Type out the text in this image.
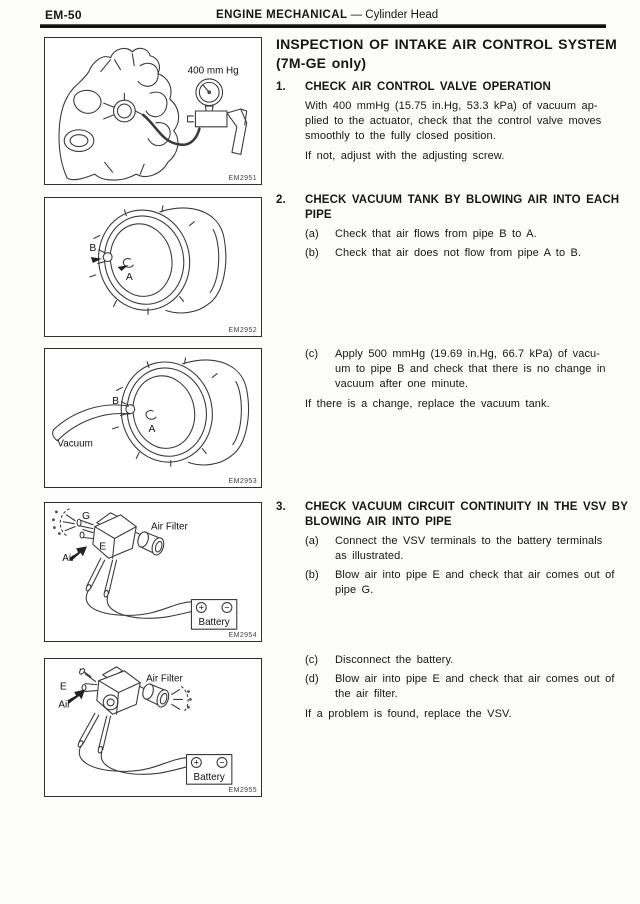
EM-50	ENGINE MECHANICAL — Cylinder Head
400 mm Hg
EM2951
B
A
EM2952
B
A
Vacuum
EM2953
+ −
G
E
Air
Air Filter
Battery
EM2954
+ −
E
Air
Air Filter
Battery
EM2955
INSPECTION OF INTAKE AIR CONTROL SYSTEM
(7M-GE only)
1.	CHECK AIR CONTROL VALVE OPERATION
With 400 mmHg (15.75 in.Hg, 53.3 kPa) of vacuum ap-
plied to the actuator, check that the control valve moves
smoothly to the fully closed position.
If not, adjust with the adjusting screw.
2.	CHECK VACUUM TANK BY BLOWING AIR INTO EACH
PIPE
(a)	Check that air flows from pipe B to A.
(b)	Check that air does not flow from pipe A to B.
(c)	Apply 500 mmHg (19.69 in.Hg, 66.7 kPa) of vacu-
um to pipe B and check that there is no change in
vacuum after one minute.
If there is a change, replace the vacuum tank.
3.	CHECK VACUUM CIRCUIT CONTINUITY IN THE VSV BY
BLOWING AIR INTO PIPE
(a)	Connect the VSV terminals to the battery terminals
as illustrated.
(b)	Blow air into pipe E and check that air comes out of
pipe G.
(c)	Disconnect the battery.
(d)	Blow air into pipe E and check that air comes out of
the air filter.
If a problem is found, replace the VSV.
